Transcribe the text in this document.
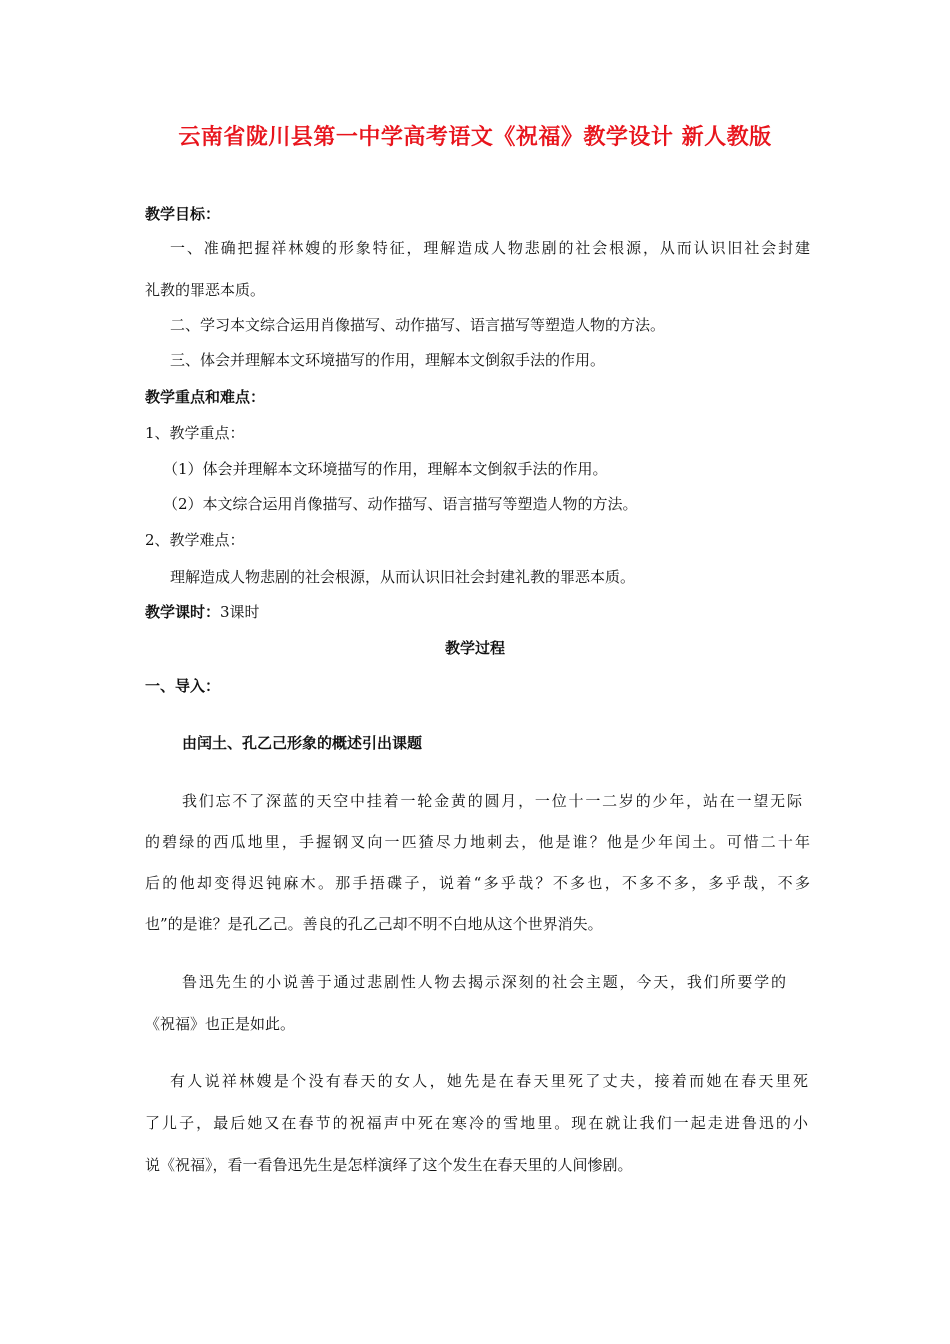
云南省陇川县第一中学高考语文《祝福》教学设计 新人教版
教学目标：
一、准确把握祥林嫂的形象特征，理解造成人物悲剧的社会根源，从而认识旧社会封建
礼教的罪恶本质。
二、学习本文综合运用肖像描写、动作描写、语言描写等塑造人物的方法。
三、体会并理解本文环境描写的作用，理解本文倒叙手法的作用。
教学重点和难点：
1、教学重点：
（1）体会并理解本文环境描写的作用，理解本文倒叙手法的作用。
（2）本文综合运用肖像描写、动作描写、语言描写等塑造人物的方法。
2、教学难点：
理解造成人物悲剧的社会根源，从而认识旧社会封建礼教的罪恶本质。
教学课时：3课时
教学过程
一、导入：
由闰土、孔乙己形象的概述引出课题
我们忘不了深蓝的天空中挂着一轮金黄的圆月，一位十一二岁的少年，站在一望无际
的碧绿的西瓜地里，手握钢叉向一匹猹尽力地刺去，他是谁？他是少年闰土。可惜二十年
后的他却变得迟钝麻木。那手捂碟子，说着“多乎哉？不多也，不多不多，多乎哉，不多
也”的是谁？是孔乙己。善良的孔乙己却不明不白地从这个世界消失。
鲁迅先生的小说善于通过悲剧性人物去揭示深刻的社会主题，今天，我们所要学的
《祝福》也正是如此。
有人说祥林嫂是个没有春天的女人，她先是在春天里死了丈夫，接着而她在春天里死
了儿子，最后她又在春节的祝福声中死在寒冷的雪地里。现在就让我们一起走进鲁迅的小
说《祝福》，看一看鲁迅先生是怎样演绎了这个发生在春天里的人间惨剧。
